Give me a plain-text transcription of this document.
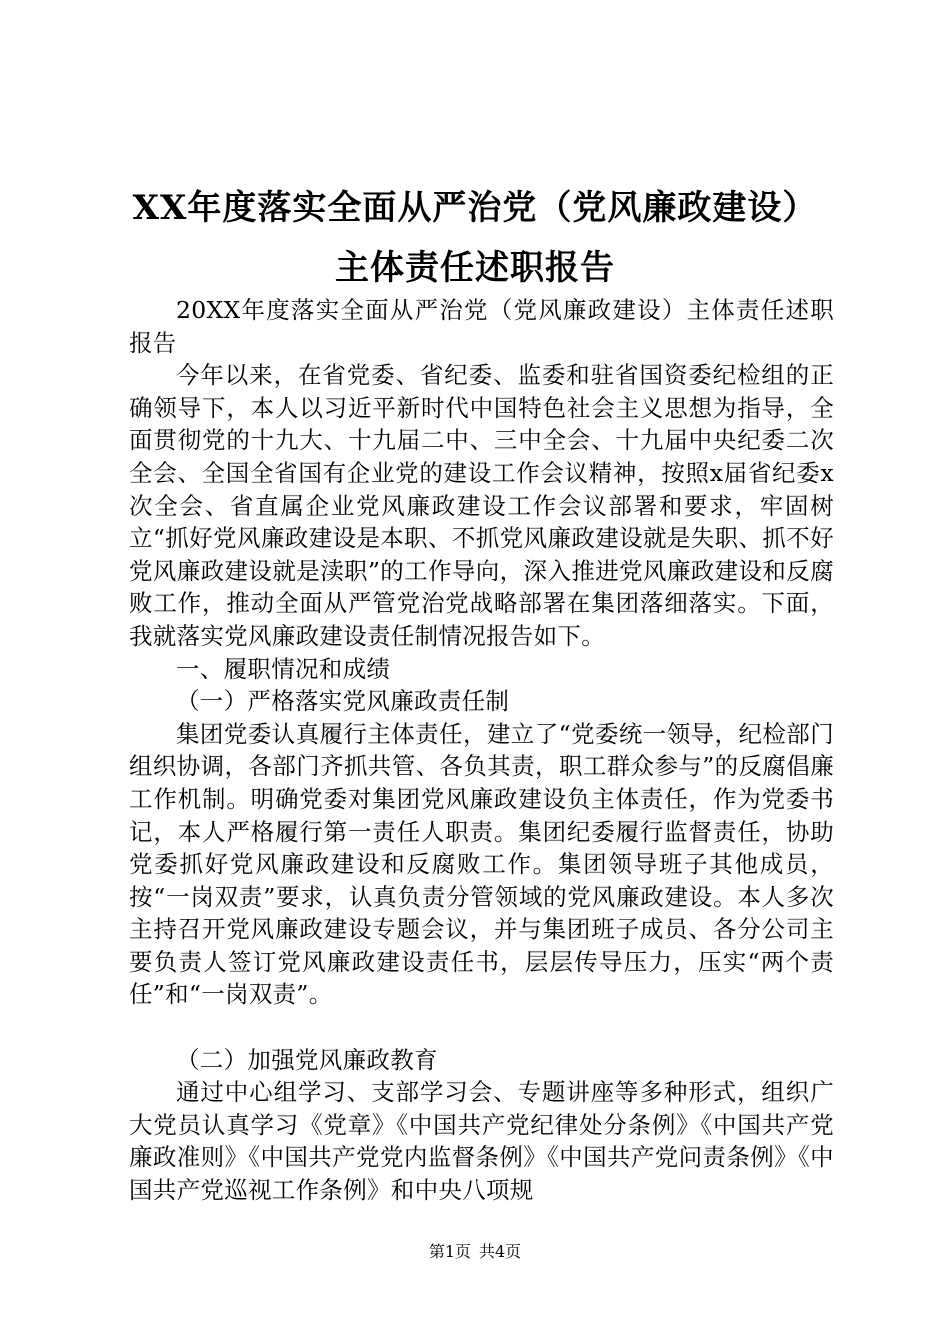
XX年度落实全面从严治党（党风廉政建设）
主体责任述职报告

20XX年度落实全面从严治党（党风廉政建设）主体责任述职报告

今年以来，在省党委、省纪委、监委和驻省国资委纪检组的正确领导下，本人以习近平新时代中国特色社会主义思想为指导，全面贯彻党的十九大、十九届二中、三中全会、十九届中央纪委二次全会、全国全省国有企业党的建设工作会议精神，按照x届省纪委x次全会、省直属企业党风廉政建设工作会议部署和要求，牢固树立“抓好党风廉政建设是本职、不抓党风廉政建设就是失职、抓不好党风廉政建设就是渎职”的工作导向，深入推进党风廉政建设和反腐败工作，推动全面从严管党治党战略部署在集团落细落实。下面，我就落实党风廉政建设责任制情况报告如下。

一、履职情况和成绩

（一）严格落实党风廉政责任制

集团党委认真履行主体责任，建立了“党委统一领导，纪检部门组织协调，各部门齐抓共管、各负其责，职工群众参与”的反腐倡廉工作机制。明确党委对集团党风廉政建设负主体责任，作为党委书记，本人严格履行第一责任人职责。集团纪委履行监督责任，协助党委抓好党风廉政建设和反腐败工作。集团领导班子其他成员，按“一岗双责”要求，认真负责分管领域的党风廉政建设。本人多次主持召开党风廉政建设专题会议，并与集团班子成员、各分公司主要负责人签订党风廉政建设责任书，层层传导压力，压实“两个责任”和“一岗双责”。

（二）加强党风廉政教育

通过中心组学习、支部学习会、专题讲座等多种形式，组织广大党员认真学习《党章》《中国共产党纪律处分条例》《中国共产党廉政准则》《中国共产党党内监督条例》《中国共产党问责条例》《中国共产党巡视工作条例》和中央八项规

第1页 共4页
